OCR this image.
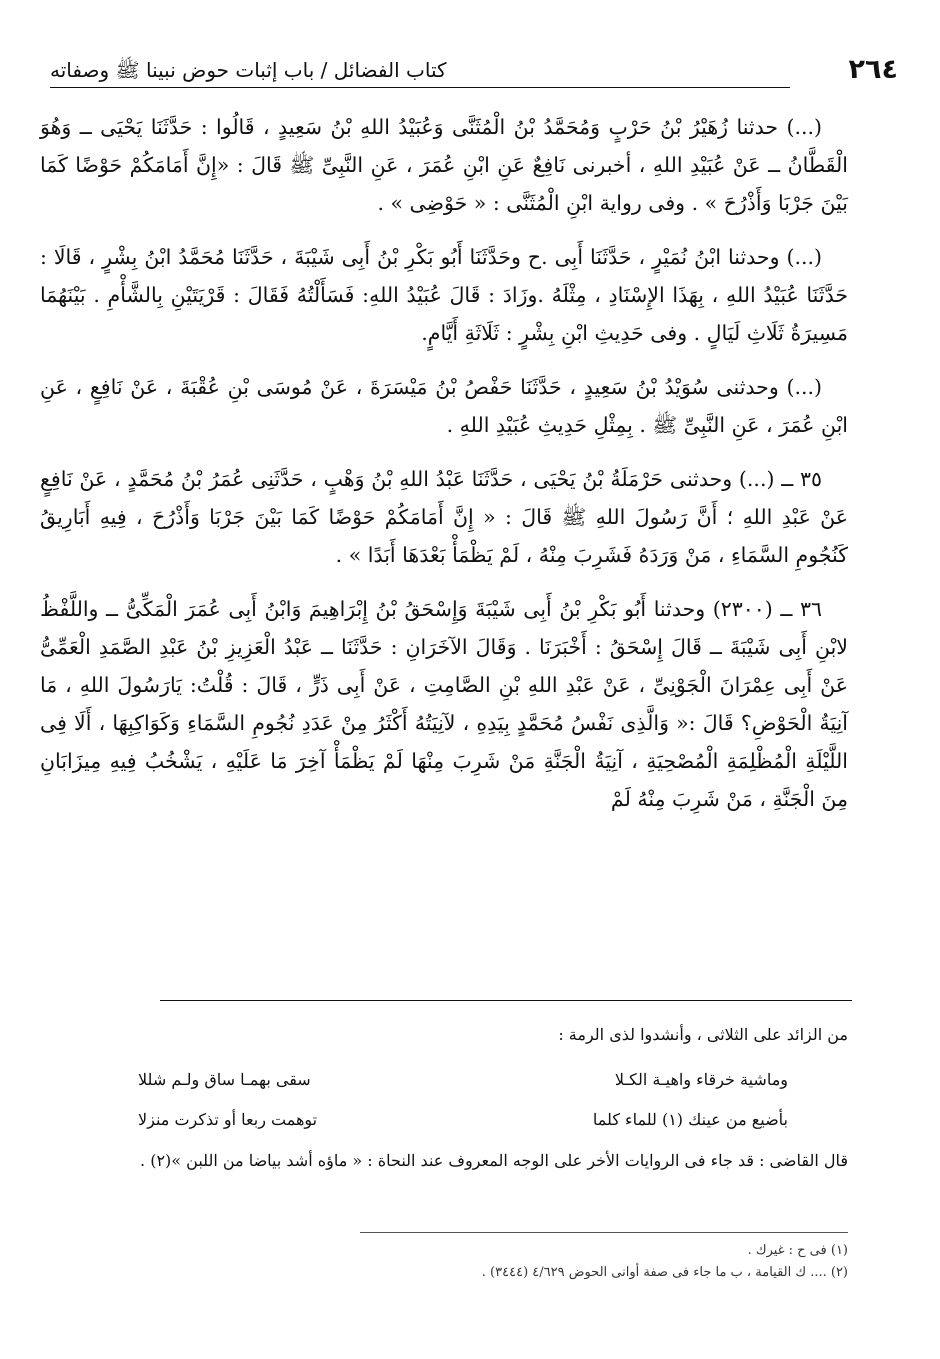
٢٦٤
كتاب الفضائل / باب إثبات حوض نبينا ﷺ وصفاته

(...) حدثنا زُهَيْرُ بْنُ حَرْبٍ وَمُحَمَّدُ بْنُ الْمُثَنَّى وَعُبَيْدُ اللهِ بْنُ سَعِيدٍ ، قَالُوا : حَدَّثَنَا يَحْيَى ــ وَهُوَ الْقَطَّانُ ــ عَنْ عُبَيْدِ اللهِ ، أخبرنى نَافِعٌ عَنِ ابْنِ عُمَرَ ، عَنِ النَّبِىِّ ﷺ قَالَ : «إِنَّ أَمَامَكُمْ حَوْضًا كَمَا بَيْنَ جَرْبَا وَأَذْرُحَ » . وفى رواية ابْنِ الْمُثَنَّى : « حَوْضِى » .

(...) وحدثنا ابْنُ نُمَيْرٍ ، حَدَّثَنَا أَبِى .ح وحَدَّثَنَا أَبُو بَكْرِ بْنُ أَبِى شَيْبَةَ ، حَدَّثَنَا مُحَمَّدُ ابْنُ بِشْرٍ ، قَالَا : حَدَّثَنَا عُبَيْدُ اللهِ ، بِهَذَا الإِسْنَادِ ، مِثْلَهُ .وزَادَ : قَالَ عُبَيْدُ اللهِ: فَسَأَلْتُهُ فَقَالَ : قَرْيَتَيْنِ بِالشَّأْمِ . بَيْنَهُمَا مَسِيرَةُ ثَلَاثِ لَيَالٍ . وفى حَدِيثِ ابْنِ بِشْرٍ : ثَلَاثَةِ أَيَّامٍ.

(...) وحدثنى سُوَيْدُ بْنُ سَعِيدٍ ، حَدَّثَنَا حَفْصُ بْنُ مَيْسَرَةَ ، عَنْ مُوسَى بْنِ عُقْبَةَ ، عَنْ نَافِعٍ ، عَنِ ابْنِ عُمَرَ ، عَنِ النَّبِىِّ ﷺ . بِمِثْلِ حَدِيثِ عُبَيْدِ اللهِ .

٣٥ ــ (...) وحدثنى حَرْمَلَةُ بْنُ يَحْيَى ، حَدَّثَنَا عَبْدُ اللهِ بْنُ وَهْبٍ ، حَدَّثَنِى عُمَرُ بْنُ مُحَمَّدٍ ، عَنْ نَافِعٍ عَنْ عَبْدِ اللهِ ؛ أَنَّ رَسُولَ اللهِ ﷺ قَالَ : « إِنَّ أَمَامَكُمْ حَوْضًا كَمَا بَيْنَ جَرْبَا وَأَذْرُحَ ، فِيهِ أَبَارِيقُ كَنُجُومِ السَّمَاءِ ، مَنْ وَرَدَهُ فَشَرِبَ مِنْهُ ، لَمْ يَظْمَأْ بَعْدَهَا أَبَدًا » .

٣٦ ــ (٢٣٠٠) وحدثنا أَبُو بَكْرِ بْنُ أَبِى شَيْبَةَ وَإِسْحَقُ بْنُ إِبْرَاهِيمَ وَابْنُ أَبِى عُمَرَ الْمَكِّىُّ ــ واللَّفْظُ لابْنِ أَبِى شَيْبَةَ ــ قَالَ إِسْحَقُ : أَخْبَرَنَا . وَقَالَ الآخَرَانِ : حَدَّثَنَا ــ عَبْدُ الْعَزِيزِ بْنُ عَبْدِ الصَّمَدِ الْعَمِّىُّ عَنْ أَبِى عِمْرَانَ الْجَوْنِىِّ ، عَنْ عَبْدِ اللهِ بْنِ الصَّامِتِ ، عَنْ أَبِى ذَرٍّ ، قَالَ : قُلْتُ: يَارَسُولَ اللهِ ، مَا آنِيَةُ الْحَوْضِ؟ قَالَ :« وَالَّذِى نَفْسُ مُحَمَّدٍ بِيَدِهِ ، لآنِيَتُهُ أَكْثَرُ مِنْ عَدَدِ نُجُومِ السَّمَاءِ وَكَوَاكِبِهَا ، أَلَا فِى اللَّيْلَةِ الْمُظْلِمَةِ الْمُصْحِيَةِ ، آنِيَةُ الْجَنَّةِ مَنْ شَرِبَ مِنْهَا لَمْ يَظْمَأْ آخِرَ مَا عَلَيْهِ ، يَشْخُبُ فِيهِ مِيزَابَانِ مِنَ الْجَنَّةِ ، مَنْ شَرِبَ مِنْهُ لَمْ

من الزائد على الثلاثى ، وأنشدوا لذى الرمة :

وماشية خرقاء واهيـة الكـلا
سقى بهمـا ساق ولـم شللا
بأضيع من عينك (١) للماء كلما
توهمت ربعا أو تذكرت منزلا

قال القاضى : قد جاء فى الروايات الأخر على الوجه المعروف عند النحاة : « ماؤه أشد بياضا من اللبن »(٢) .

(١) فى ح : غيرك .

(٢) .... ك القيامة ، ب ما جاء فى صفة أوانى الحوض ٤/٦٢٩ (٣٤٤٤) .
